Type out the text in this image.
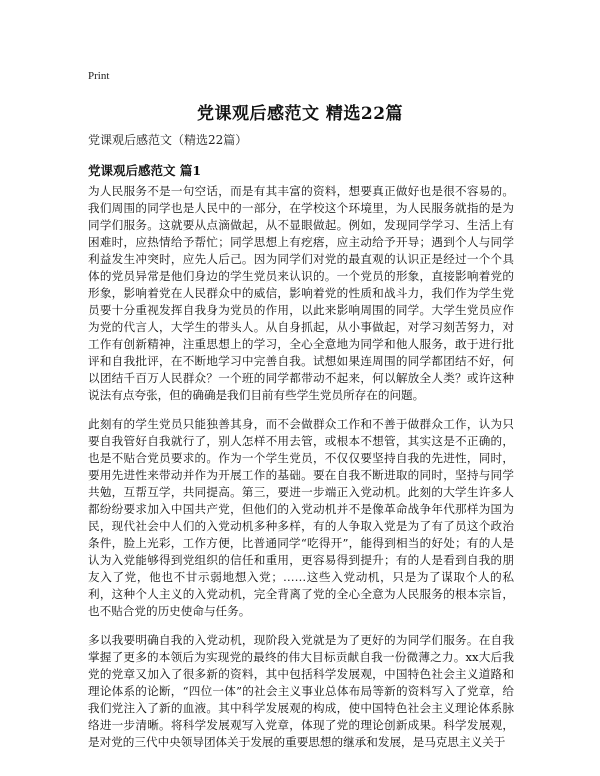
Print
党课观后感范文 精选22篇
党课观后感范文（精选22篇）
党课观后感范文 篇1

为人民服务不是一句空话，而是有其丰富的资料，想要真正做好也是很不容易的。我们周围的同学也是人民中的一部分，在学校这个环境里，为人民服务就指的是为同学们服务。这就要从点滴做起，从不显眼做起。例如，发现同学学习、生活上有困难时，应热情给予帮忙；同学思想上有疙瘩，应主动给予开导；遇到个人与同学利益发生冲突时，应先人后己。因为同学们对党的最直观的认识正是经过一个个具体的党员异常是他们身边的学生党员来认识的。一个党员的形象，直接影响着党的形象，影响着党在人民群众中的威信，影响着党的性质和战斗力，我们作为学生党员要十分重视发挥自我身为党员的作用，以此来影响周围的同学。大学生党员应作为党的代言人，大学生的带头人。从自身抓起，从小事做起，对学习刻苦努力，对工作有创新精神，注重思想上的学习，全心全意地为同学和他人服务，敢于进行批评和自我批评，在不断地学习中完善自我。试想如果连周围的同学都团结不好，何以团结千百万人民群众？一个班的同学都带动不起来，何以解放全人类？或许这种说法有点夸张，但的确确是我们目前有些学生党员所存在的问题。

此刻有的学生党员只能独善其身，而不会做群众工作和不善于做群众工作，认为只要自我管好自我就行了，别人怎样不用去管，或根本不想管，其实这是不正确的，也是不贴合党员要求的。作为一个学生党员，不仅仅要坚持自我的先进性，同时，要用先进性来带动并作为开展工作的基础。要在自我不断进取的同时，坚持与同学共勉，互帮互学，共同提高。第三，要进一步端正入党动机。此刻的大学生许多人都纷纷要求加入中国共产党，但他们的入党动机并不是像革命战争年代那样为国为民，现代社会中人们的入党动机多种多样，有的人争取入党是为了有了员这个政治条件，脸上光彩，工作方便，比普通同学“吃得开”，能得到相当的好处；有的人是认为入党能够得到党组织的信任和重用，更容易得到提升；有的人是看到自我的朋友入了党，他也不甘示弱地想入党；……这些入党动机，只是为了谋取个人的私利，这种个人主义的入党动机，完全背离了党的全心全意为人民服务的根本宗旨，也不贴合党的历史使命与任务。

多以我要明确自我的入党动机，现阶段入党就是为了更好的为同学们服务。在自我掌握了更多的本领后为实现党的最终的伟大目标贡献自我一份微薄之力。xx大后我党的党章又加入了很多新的资料，其中包括科学发展观，中国特色社会主义道路和理论体系的论断，“四位一体”的社会主义事业总体布局等新的资料写入了党章，给我们党注入了新的血液。其中科学发展观的构成，使中国特色社会主义理论体系脉络进一步清晰。将科学发展观写入党章，体现了党的理论创新成果。科学发展观，是对党的三代中央领导团体关于发展的重要思想的继承和发展，是马克思主义关于
